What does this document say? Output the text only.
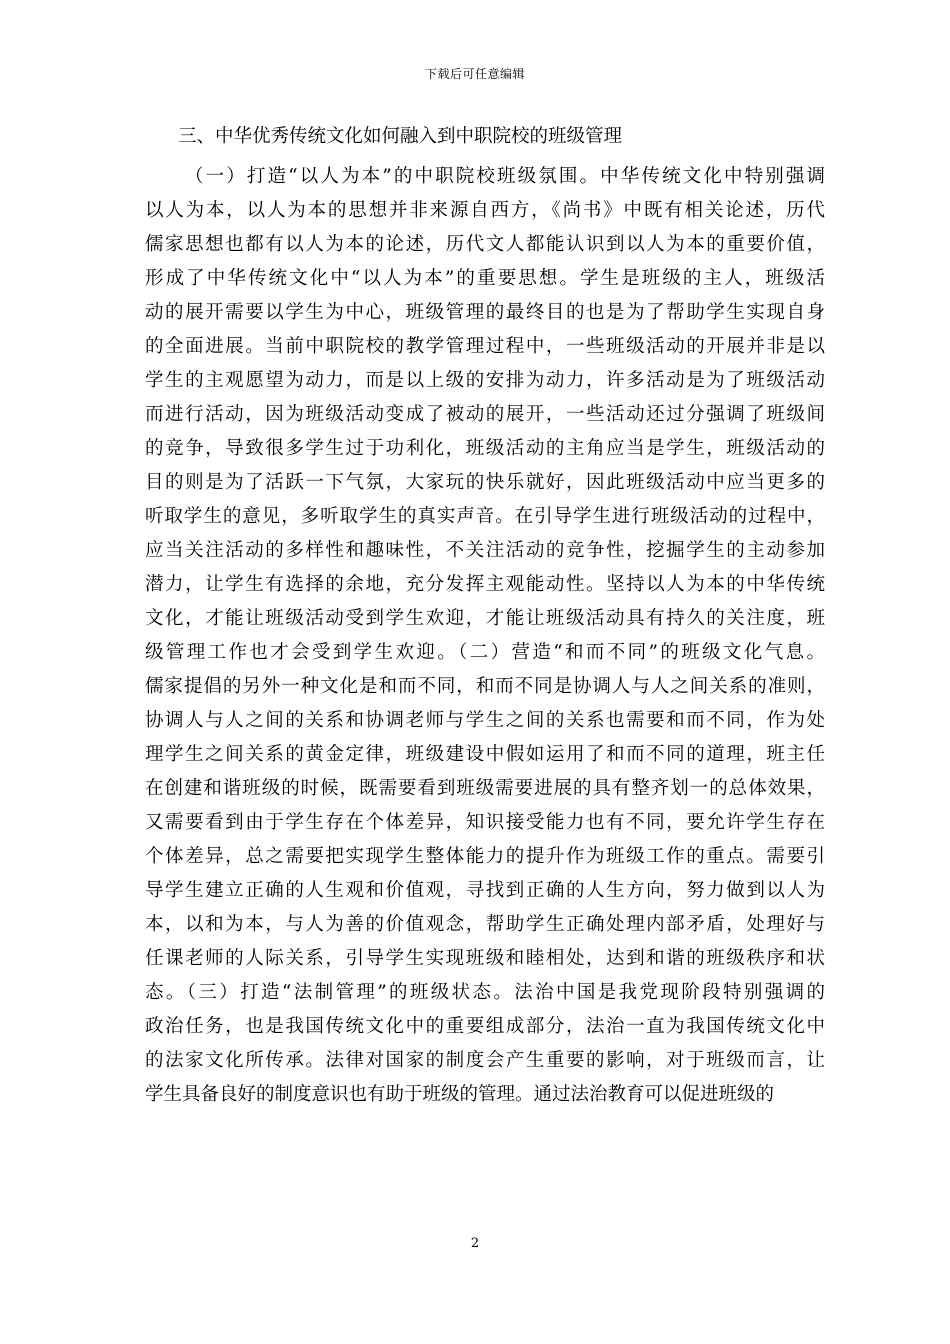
下载后可任意编辑
三、中华优秀传统文化如何融入到中职院校的班级管理
（一）打造“以人为本”的中职院校班级氛围。中华传统文化中特别强调
以人为本，以人为本的思想并非来源自西方，《尚书》中既有相关论述，历代
儒家思想也都有以人为本的论述，历代文人都能认识到以人为本的重要价值，
形成了中华传统文化中“以人为本”的重要思想。学生是班级的主人，班级活
动的展开需要以学生为中心，班级管理的最终目的也是为了帮助学生实现自身
的全面进展。当前中职院校的教学管理过程中，一些班级活动的开展并非是以
学生的主观愿望为动力，而是以上级的安排为动力，许多活动是为了班级活动
而进行活动，因为班级活动变成了被动的展开，一些活动还过分强调了班级间
的竞争，导致很多学生过于功利化，班级活动的主角应当是学生，班级活动的
目的则是为了活跃一下气氛，大家玩的快乐就好，因此班级活动中应当更多的
听取学生的意见，多听取学生的真实声音。在引导学生进行班级活动的过程中，
应当关注活动的多样性和趣味性，不关注活动的竞争性，挖掘学生的主动参加
潜力，让学生有选择的余地，充分发挥主观能动性。坚持以人为本的中华传统
文化，才能让班级活动受到学生欢迎，才能让班级活动具有持久的关注度，班
级管理工作也才会受到学生欢迎。（二）营造“和而不同”的班级文化气息。
儒家提倡的另外一种文化是和而不同，和而不同是协调人与人之间关系的准则，
协调人与人之间的关系和协调老师与学生之间的关系也需要和而不同，作为处
理学生之间关系的黄金定律，班级建设中假如运用了和而不同的道理，班主任
在创建和谐班级的时候，既需要看到班级需要进展的具有整齐划一的总体效果，
又需要看到由于学生存在个体差异，知识接受能力也有不同，要允许学生存在
个体差异，总之需要把实现学生整体能力的提升作为班级工作的重点。需要引
导学生建立正确的人生观和价值观，寻找到正确的人生方向，努力做到以人为
本，以和为本，与人为善的价值观念，帮助学生正确处理内部矛盾，处理好与
任课老师的人际关系，引导学生实现班级和睦相处，达到和谐的班级秩序和状
态。（三）打造“法制管理”的班级状态。法治中国是我党现阶段特别强调的
政治任务，也是我国传统文化中的重要组成部分，法治一直为我国传统文化中
的法家文化所传承。法律对国家的制度会产生重要的影响，对于班级而言，让
学生具备良好的制度意识也有助于班级的管理。通过法治教育可以促进班级的
2
